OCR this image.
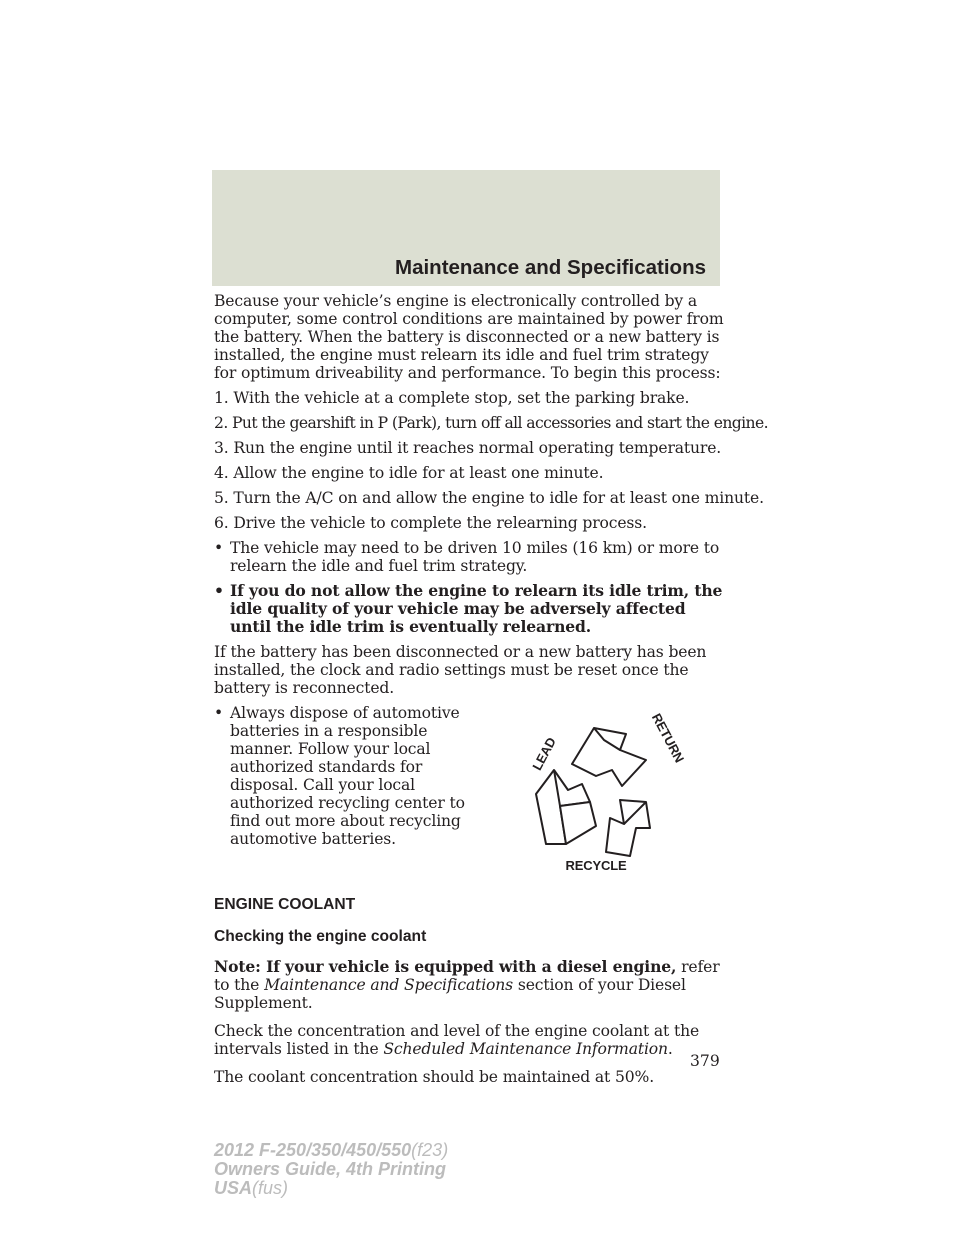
Maintenance and Specifications

Because your vehicle’s engine is electronically controlled by a computer, some control conditions are maintained by power from the battery. When the battery is disconnected or a new battery is installed, the engine must relearn its idle and fuel trim strategy for optimum driveability and performance. To begin this process:

1. With the vehicle at a complete stop, set the parking brake.

2. Put the gearshift in P (Park), turn off all accessories and start the engine.

3. Run the engine until it reaches normal operating temperature.

4. Allow the engine to idle for at least one minute.

5. Turn the A/C on and allow the engine to idle for at least one minute.

6. Drive the vehicle to complete the relearning process.

• The vehicle may need to be driven 10 miles (16 km) or more to relearn the idle and fuel trim strategy.
• If you do not allow the engine to relearn its idle trim, the idle quality of your vehicle may be adversely affected until the idle trim is eventually relearned.

If the battery has been disconnected or a new battery has been installed, the clock and radio settings must be reset once the battery is reconnected.

• Always dispose of automotive batteries in a responsible manner. Follow your local authorized standards for disposal. Call your local authorized recycling center to find out more about recycling automotive batteries.
LEAD	RETURN
RECYCLE

ENGINE COOLANT

Checking the engine coolant

Note: If your vehicle is equipped with a diesel engine, refer to the Maintenance and Specifications section of your Diesel Supplement.

Check the concentration and level of the engine coolant at the intervals listed in the Scheduled Maintenance Information.

The coolant concentration should be maintained at 50%.

379
2012 F-250/350/450/550(f23)
Owners Guide, 4th Printing
USA(fus)
